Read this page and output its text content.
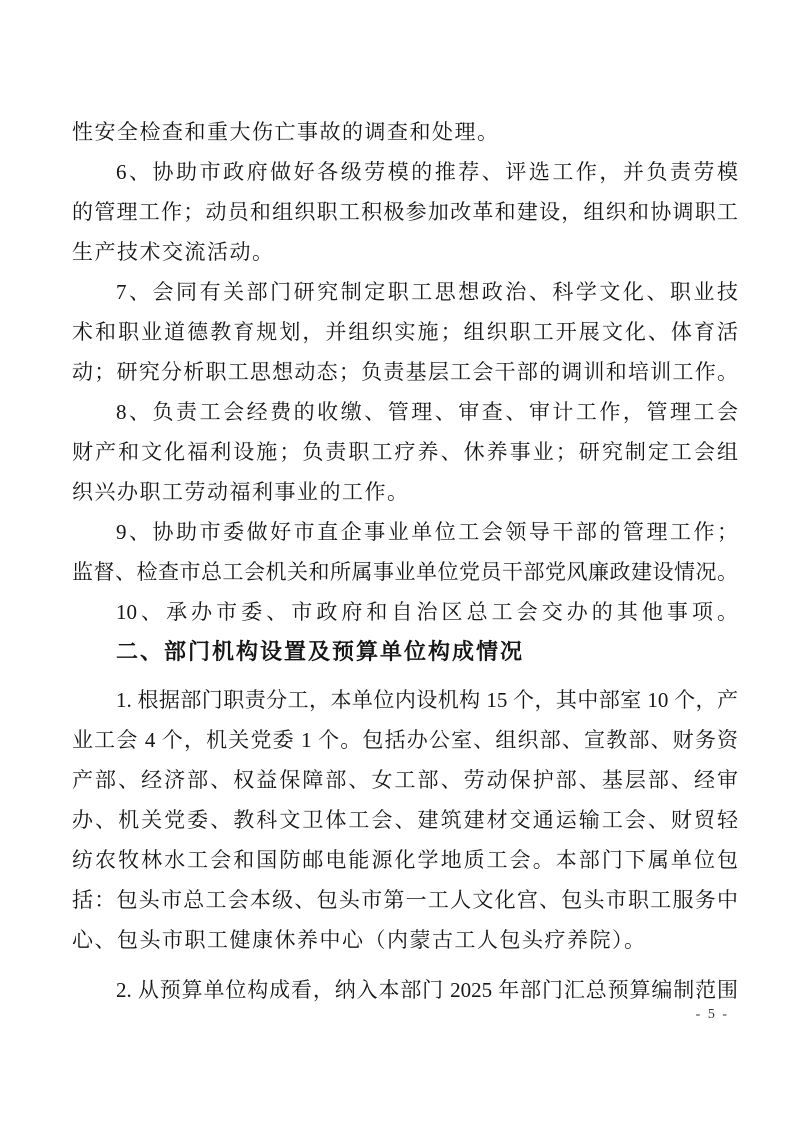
性安全检查和重大伤亡事故的调查和处理。
6、协助市政府做好各级劳模的推荐、评选工作，并负责劳模
的管理工作；动员和组织职工积极参加改革和建设，组织和协调职工
生产技术交流活动。
7、会同有关部门研究制定职工思想政治、科学文化、职业技
术和职业道德教育规划，并组织实施；组织职工开展文化、体育活
动；研究分析职工思想动态；负责基层工会干部的调训和培训工作。
8、负责工会经费的收缴、管理、审查、审计工作，管理工会
财产和文化福利设施；负责职工疗养、休养事业；研究制定工会组
织兴办职工劳动福利事业的工作。
9、协助市委做好市直企事业单位工会领导干部的管理工作；
监督、检查市总工会机关和所属事业单位党员干部党风廉政建设情况。
10、承办市委、市政府和自治区总工会交办的其他事项。
二、部门机构设置及预算单位构成情况
1. 根据部门职责分工，本单位内设机构 15 个，其中部室 10 个，产
业工会 4 个，机关党委 1 个。包括办公室、组织部、宣教部、财务资
产部、经济部、权益保障部、女工部、劳动保护部、基层部、经审
办、机关党委、教科文卫体工会、建筑建材交通运输工会、财贸轻
纺农牧林水工会和国防邮电能源化学地质工会。本部门下属单位包
括：包头市总工会本级、包头市第一工人文化宫、包头市职工服务中
心、包头市职工健康休养中心（内蒙古工人包头疗养院）。
2. 从预算单位构成看，纳入本部门 2025 年部门汇总预算编制范围
- 5 -
